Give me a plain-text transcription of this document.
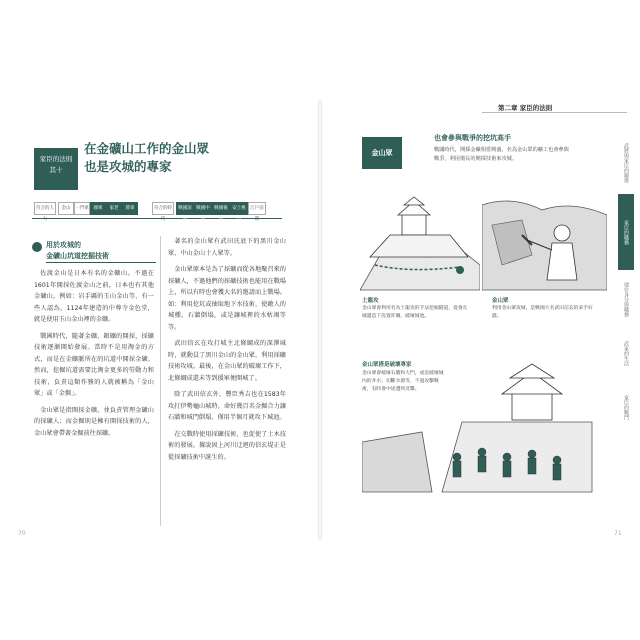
家臣的法則
其十
在金礦山工作的金山眾
也是攻城的專家
符合的人力
金山	一門眾	國眾	家老	將軍	符合的時代
戰國前期
戰國中期
戰國後期
安土桃山
江戶前期
用於攻城的
金礦山坑道挖掘技術

佐渡金山是日本有名的金礦山。不過在1601年開採佐渡金山之前，日本也有其他金礦山，例如：岩手縣的玉山金山等，有一些人認為，1124年建造的中尊寺金色堂，就是使用玉山金山裡的金礦。

戰國時代，隨著金礦、銀礦的開採，採礦技術逐漸開始發展。當時不是用淘金的方式，而是在金礦脈所在的坑道中開採金礦。然而，挖掘坑道需要比淘金更多的勞動力和技術，負責這類作務的人就被稱為「金山眾」或「金掘」。

金山眾是指開採金礦，並負責管理金礦山的採礦人；而金掘則是擁有開採技術的人，金山眾會帶著金掘前往採礦。

著名的金山眾有武田氏底下的黑川金山眾、中山金山十人眾等。

金山眾原本是為了採礦而從各地聚召來的採礦人，不過他們的採礦技術也能用在戰場上，所以有時也會獲大名的邀請而上戰場。如：利用挖坑或抽取地下水技術，使敵人的城種，石牆倒塌，或是讓城裡的水枯竭等等。

武田信玄在攻打城主北條綱成的深澤城時，就動員了黑川金山的金山眾，利用採礦技術攻城。最後，在金山眾的破壞工作下，北條綱成還未等到援軍便開城了。

除了武田信玄外，豐臣秀吉也在1583年攻打伊勢龜山城時，命好幾百名金掘合力讓石牆和城門倒塌，僅用半個月就攻下城池。

在交戰時使用採礦技術，也促使了土木技術的發展。據說固上河川迂迴的信玄堤正是從採礦技術中誕生的。

70
第二章 家臣的法則
金山眾
也會參與戰爭的挖坑高手
戰國時代，開採金礦相當興盛，名為金山眾的礦工也會參與戰爭，利用擅長的開採技術來攻城。	武將與家臣的關係
家臣的職務
地位身分與職務
武家的生活
家臣的戰鬥
土龍攻
金山眾會利用名為土龍攻的手法挖掘隧道，從會在城邊造下設置炸藥，破壞城池。
金山眾
利用金山眾攻城，是戰國大名武田信玄的拿手好戲。
金山眾搭是破壞專家
金山眾會破壞石牆和大門，或是破壞城內的井水、切斷水源等，不過攻擊戰術，有時會中途遭到反擊。
71
